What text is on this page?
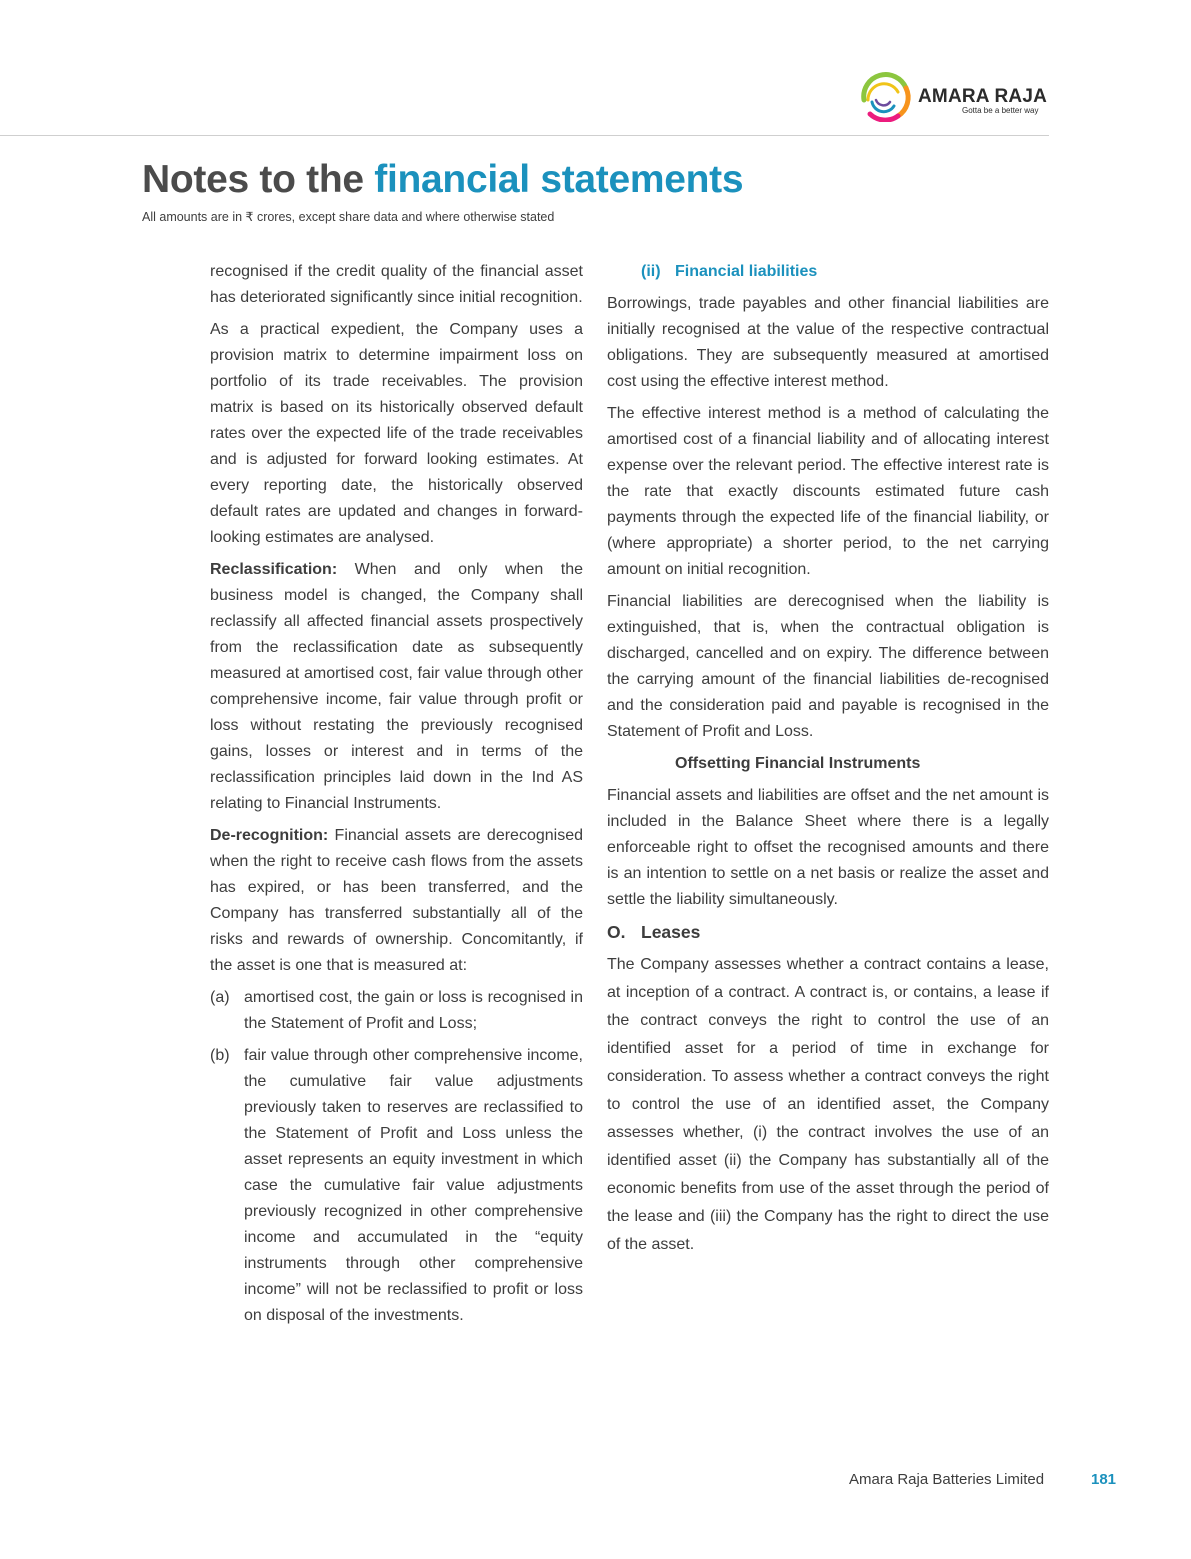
AMARA RAJA
Gotta be a better way
Notes to the financial statements
All amounts are in ₹ crores, except share data and where otherwise stated

recognised if the credit quality of the financial asset has deteriorated significantly since initial recognition.

As a practical expedient, the Company uses a provision matrix to determine impairment loss on portfolio of its trade receivables. The provision matrix is based on its historically observed default rates over the expected life of the trade receivables and is adjusted for forward looking estimates. At every reporting date, the historically observed default rates are updated and changes in forward-looking estimates are analysed.

Reclassification: When and only when the business model is changed, the Company shall reclassify all affected financial assets prospectively from the reclassification date as subsequently measured at amortised cost, fair value through other comprehensive income, fair value through profit or loss without restating the previously recognised gains, losses or interest and in terms of the reclassification principles laid down in the Ind AS relating to Financial Instruments.

De-recognition: Financial assets are derecognised when the right to receive cash flows from the assets has expired, or has been transferred, and the Company has transferred substantially all of the risks and rewards of ownership. Concomitantly, if the asset is one that is measured at:

(a) amortised cost, the gain or loss is recognised in the Statement of Profit and Loss;
(b) fair value through other comprehensive income, the cumulative fair value adjustments previously taken to reserves are reclassified to the Statement of Profit and Loss unless the asset represents an equity investment in which case the cumulative fair value adjustments previously recognized in other comprehensive income and accumulated in the “equity instruments through other comprehensive income” will not be reclassified to profit or loss on disposal of the investments.
(ii) Financial liabilities

Borrowings, trade payables and other financial liabilities are initially recognised at the value of the respective contractual obligations. They are subsequently measured at amortised cost using the effective interest method.

The effective interest method is a method of calculating the amortised cost of a financial liability and of allocating interest expense over the relevant period. The effective interest rate is the rate that exactly discounts estimated future cash payments through the expected life of the financial liability, or (where appropriate) a shorter period, to the net carrying amount on initial recognition.

Financial liabilities are derecognised when the liability is extinguished, that is, when the contractual obligation is discharged, cancelled and on expiry. The difference between the carrying amount of the financial liabilities de-recognised and the consideration paid and payable is recognised in the Statement of Profit and Loss.

Offsetting Financial Instruments

Financial assets and liabilities are offset and the net amount is included in the Balance Sheet where there is a legally enforceable right to offset the recognised amounts and there is an intention to settle on a net basis or realize the asset and settle the liability simultaneously.

O. Leases

The Company assesses whether a contract contains a lease, at inception of a contract. A contract is, or contains, a lease if the contract conveys the right to control the use of an identified asset for a period of time in exchange for consideration. To assess whether a contract conveys the right to control the use of an identified asset, the Company assesses whether, (i) the contract involves the use of an identified asset (ii) the Company has substantially all of the economic benefits from use of the asset through the period of the lease and (iii) the Company has the right to direct the use of the asset.

Amara Raja Batteries Limited	181
